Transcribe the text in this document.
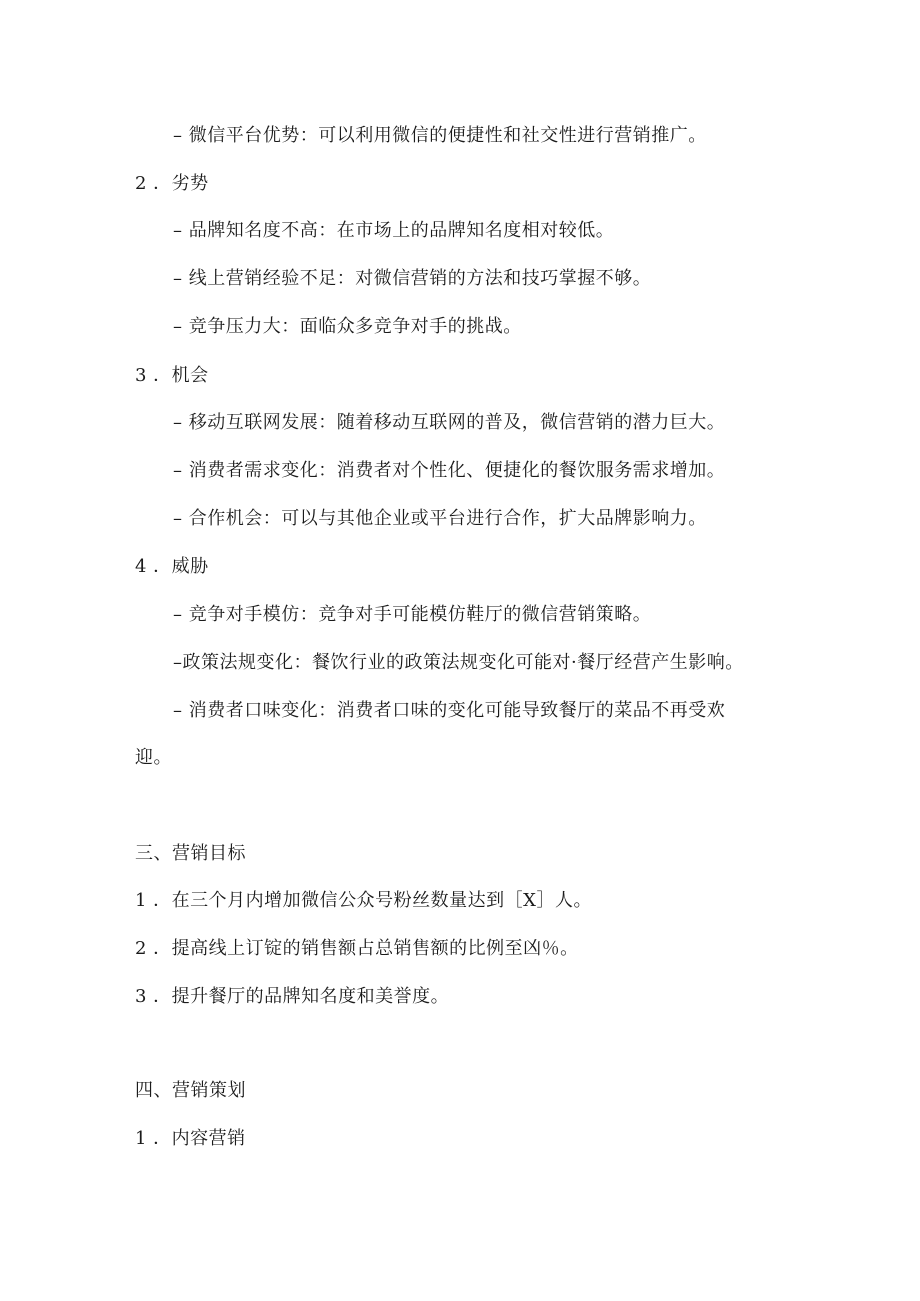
– 微信平台优势：可以利用微信的便捷性和社交性进行营销推广。
2 ．劣势
– 品牌知名度不高：在市场上的品牌知名度相对较低。
– 线上营销经验不足：对微信营销的方法和技巧掌握不够。
– 竞争压力大：面临众多竞争对手的挑战。
3 ．机会
– 移动互联网发展：随着移动互联网的普及，微信营销的潜力巨大。
– 消费者需求变化：消费者对个性化、便捷化的餐饮服务需求增加。
– 合作机会：可以与其他企业或平台进行合作，扩大品牌影响力。
4 ．威胁
– 竞争对手模仿：竞争对手可能模仿鞋厅的微信营销策略。
–政策法规变化：餐饮行业的政策法规变化可能对·餐厅经营产生影响。
– 消费者口味变化：消费者口味的变化可能导致餐厅的菜品不再受欢
迎。
三、营销目标
1 ．在三个月内增加微信公众号粉丝数量达到［X］人。
2 ．提高线上订锭的销售额占总销售额的比例至凶％。
3 ．提升餐厅的品牌知名度和美誉度。
四、营销策划
1 ．内容营销
